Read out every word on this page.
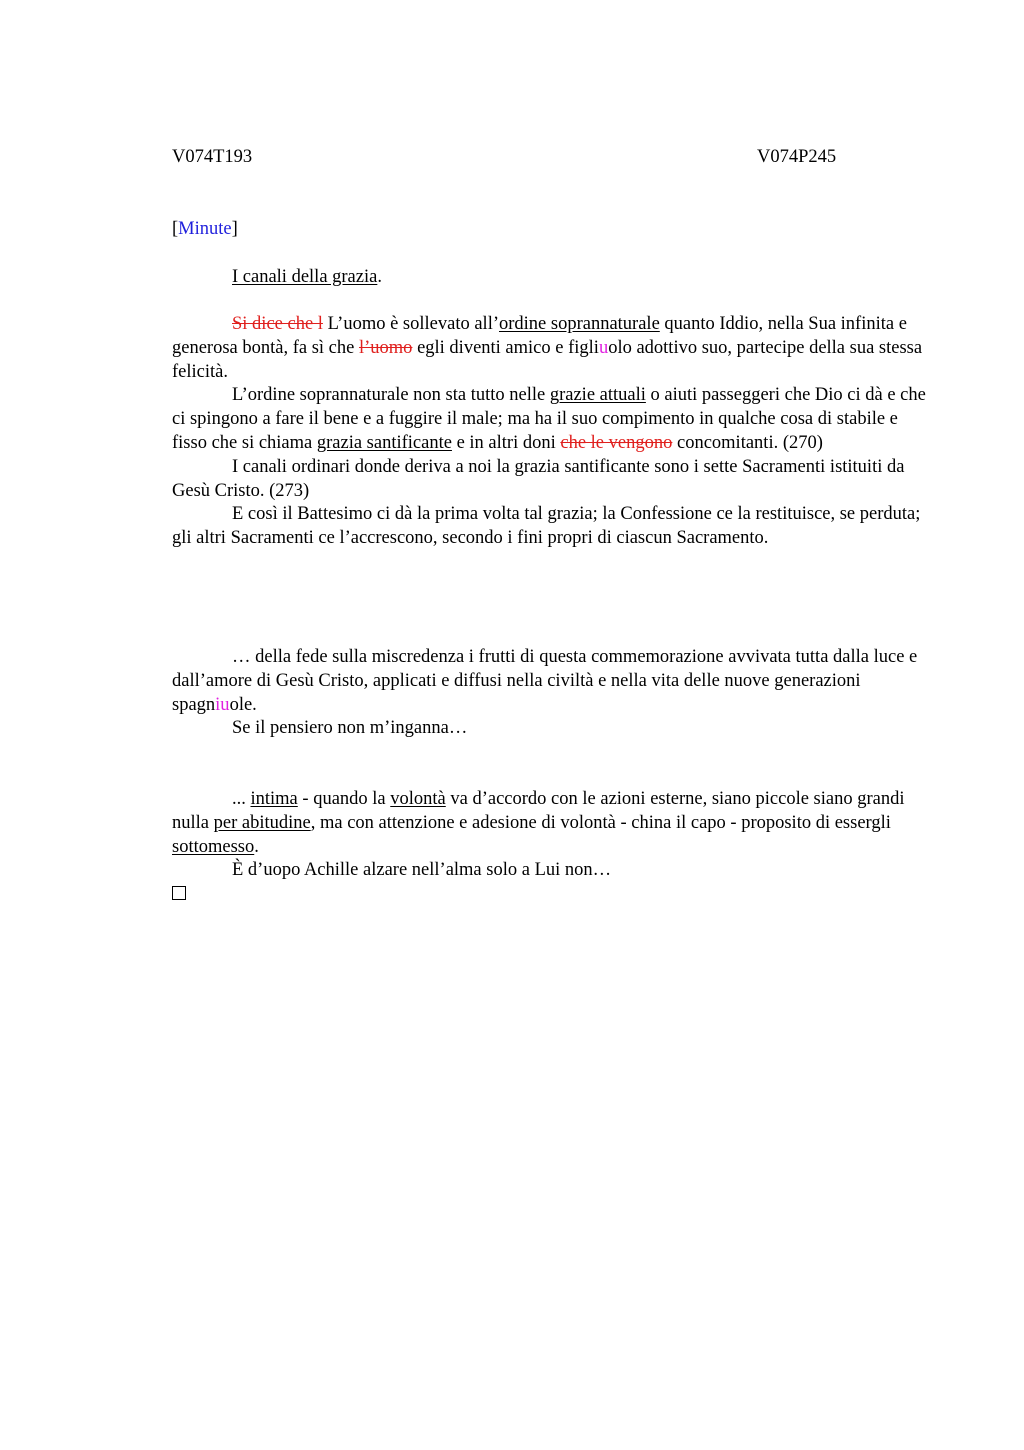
V074T193	V074P245
[Minute]

I canali della grazia.

Si dice che l L’uomo è sollevato all’ordine soprannaturale quanto Iddio, nella Sua infinita e generosa bontà, fa sì che l’uomo egli diventi amico e figliuolo adottivo suo, partecipe della sua stessa felicità.

L’ordine soprannaturale non sta tutto nelle grazie attuali o aiuti passeggeri che Dio ci dà e che ci spingono a fare il bene e a fuggire il male; ma ha il suo compimento in qualche cosa di stabile e fisso che si chiama grazia santificante e in altri doni che le vengono concomitanti. (270)

I canali ordinari donde deriva a noi la grazia santificante sono i sette Sacramenti istituiti da Gesù Cristo. (273)

E così il Battesimo ci dà la prima volta tal grazia; la Confessione ce la restituisce, se perduta; gli altri Sacramenti ce l’accrescono, secondo i fini propri di ciascun Sacramento.

… della fede sulla miscredenza i frutti di questa commemorazione avvivata tutta dalla luce e dall’amore di Gesù Cristo, applicati e diffusi nella civiltà e nella vita delle nuove generazioni spagniuole.

Se il pensiero non m’inganna…

... intima - quando la volontà va d’accordo con le azioni esterne, siano piccole siano grandi nulla per abitudine, ma con attenzione e adesione di volontà - china il capo - proposito di essergli sottomesso.

È d’uopo Achille alzare nell’alma solo a Lui non…
